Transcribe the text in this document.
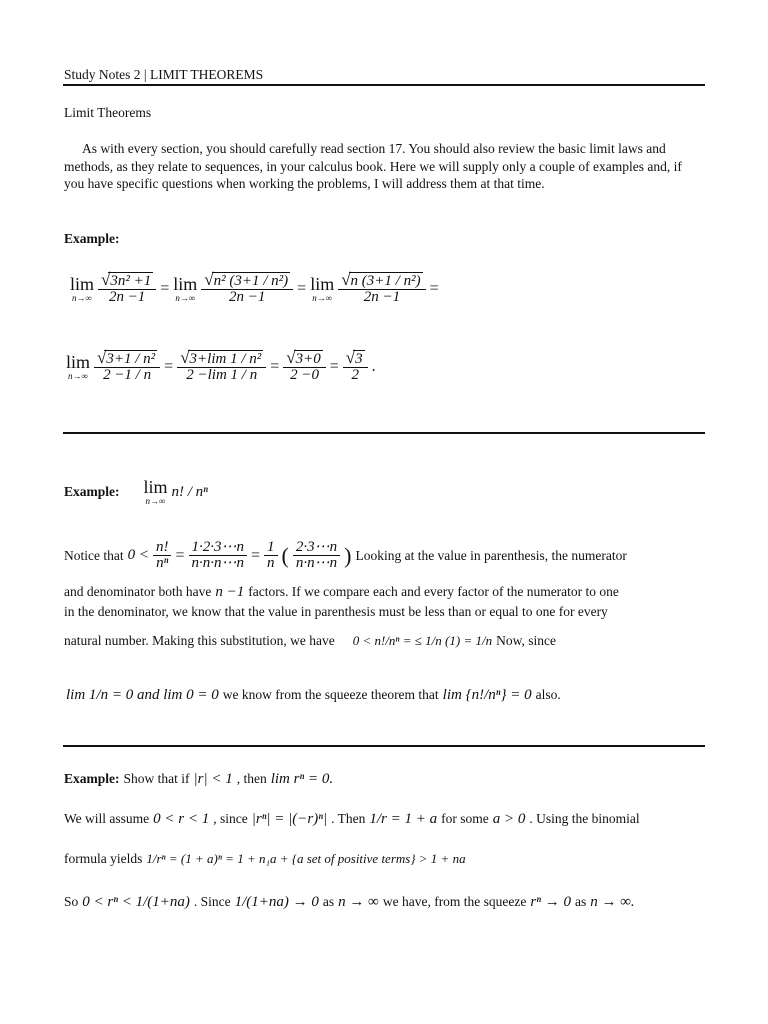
Study Notes 2 | LIMIT THEOREMS
Limit Theorems
As with every section, you should carefully read section 17. You should also review the basic limit laws and methods, as they relate to sequences, in your calculus book. Here we will supply only a couple of examples and, if you have specific questions when working the problems, I will address them at that time.
Example:
lim
$n\to\infty \frac{\text{√3n² +1}}{2n -1} = \lim$
$n\to\infty \frac{\text{√n² (3+1 / n²)}}{2n -1} = \lim$
$n\to\infty \frac{\text{√n (3+1 / n²)}}{2n -1}$ =
lim
$n\to\infty \frac{\text{√3+1 / n²}}{2 -1 / n} = \frac{\text{√3+lim 1 / n²}}{2 -\lim 1 / n} = \frac{√3+0}{2 -0} = \frac{√3}{2}$ .
Example: lim
n→∞
n! / nⁿ
Notice that $0 < \frac{n!}{\text{nⁿ}} = \frac{1\cdot 2\cdot 3\cdots n}{n\cdot n\cdot n\cdots n} = \frac{1}{n}$ ( $\frac{2\cdot 3\cdots n}{n\cdot n\cdots n}$ ) Looking at the value in parenthesis, the numerator
and denominator both have n −1 factors. If we compare each and every factor of the numerator to one
in the denominator, we know that the value in parenthesis must be less than or equal to one for every
natural number. Making this substitution, we have 0 < n!/nⁿ = ≤ 1/n (1) = 1/n Now, since
lim 1/n = 0 and lim 0 = 0 we know from the squeeze theorem that lim {n!/nⁿ} = 0 also.
Example: Show that if |r| < 1 , then lim rⁿ = 0.
We will assume 0 < r < 1 , since |rⁿ| = |(−r)ⁿ| . Then 1/r = 1 + a for some a > 0 . Using the binomial
formula yields 1/rⁿ = (1 + a)ⁿ = 1 + n₁a + {a set of positive terms} > 1 + na
So 0 < rⁿ < 1/(1+na) . Since 1/(1+na) → 0 as n → ∞ we have, from the squeeze rⁿ → 0 as n → ∞.
